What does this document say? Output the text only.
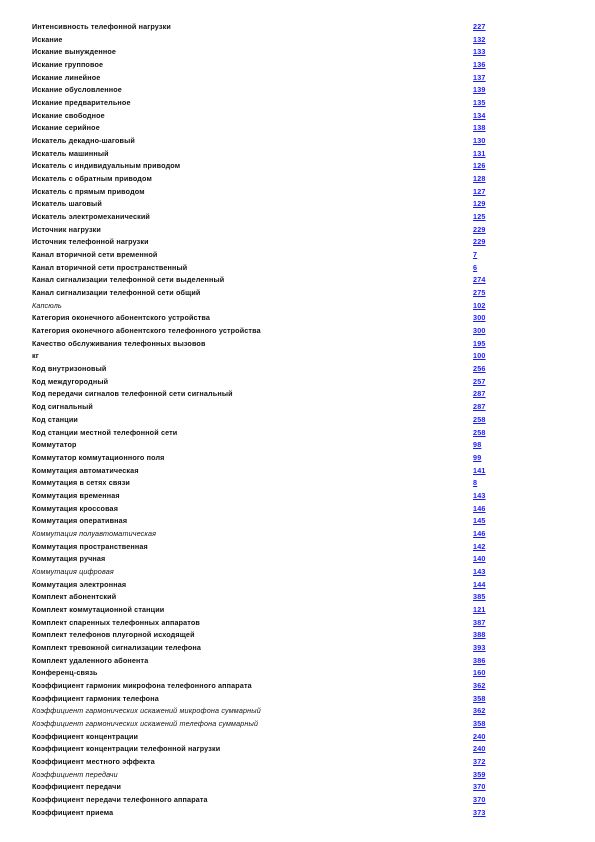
Интенсивность телефонной нагрузки	227
Искание	132
Искание вынужденное	133
Искание групповое	136
Искание линейное	137
Искание обусловленное	139
Искание предварительное	135
Искание свободное	134
Искание серийное	138
Искатель декадно-шаговый	130
Искатель машинный	131
Искатель с индивидуальным приводом	126
Искатель с обратным приводом	128
Искатель с прямым приводом	127
Искатель шаговый	129
Искатель электромеханический	125
Источник нагрузки	229
Источник телефонной нагрузки	229
Канал вторичной сети временной	7
Канал вторичной сети пространственный	6
Канал сигнализации телефонной сети выделенный	274
Канал сигнализации телефонной сети общий	275
Капсюль	102
Категория оконечного абонентского устройства	300
Категория оконечного абонентского телефонного устройства	300
Качество обслуживания телефонных вызовов	195
кг	100
Код внутризоновый	256
Код междугородный	257
Код передачи сигналов телефонной сети сигнальный	287
Код сигнальный	287
Код станции	258
Код станции местной телефонной сети	258
Коммутатор	98
Коммутатор коммутационного поля	99
Коммутация автоматическая	141
Коммутация в сетях связи	8
Коммутация временная	143
Коммутация кроссовая	146
Коммутация оперативная	145
Коммутация полуавтоматическая	146
Коммутация пространственная	142
Коммутация ручная	140
Коммутация цифровая	143
Коммутация электронная	144
Комплект абонентский	385
Комплект коммутационной станции	121
Комплект спаренных телефонных аппаратов	387
Комплект телефонов плугорной исходящей	388
Комплект тревожной сигнализации телефона	393
Комплект удаленного абонента	386
Конференц-связь	160
Коэффициент гармоник микрофона телефонного аппарата	362
Коэффициент гармоник телефона	358
Коэффициент гармонических искажений микрофона суммарный	362
Коэффициент гармонических искажений телефона суммарный	358
Коэффициент концентрации	240
Коэффициент концентрации телефонной нагрузки	240
Коэффициент местного эффекта	372
Коэффициент передачи	359
Коэффициент передачи	370
Коэффициент передачи телефонного аппарата	370
Коэффициент приема	373
